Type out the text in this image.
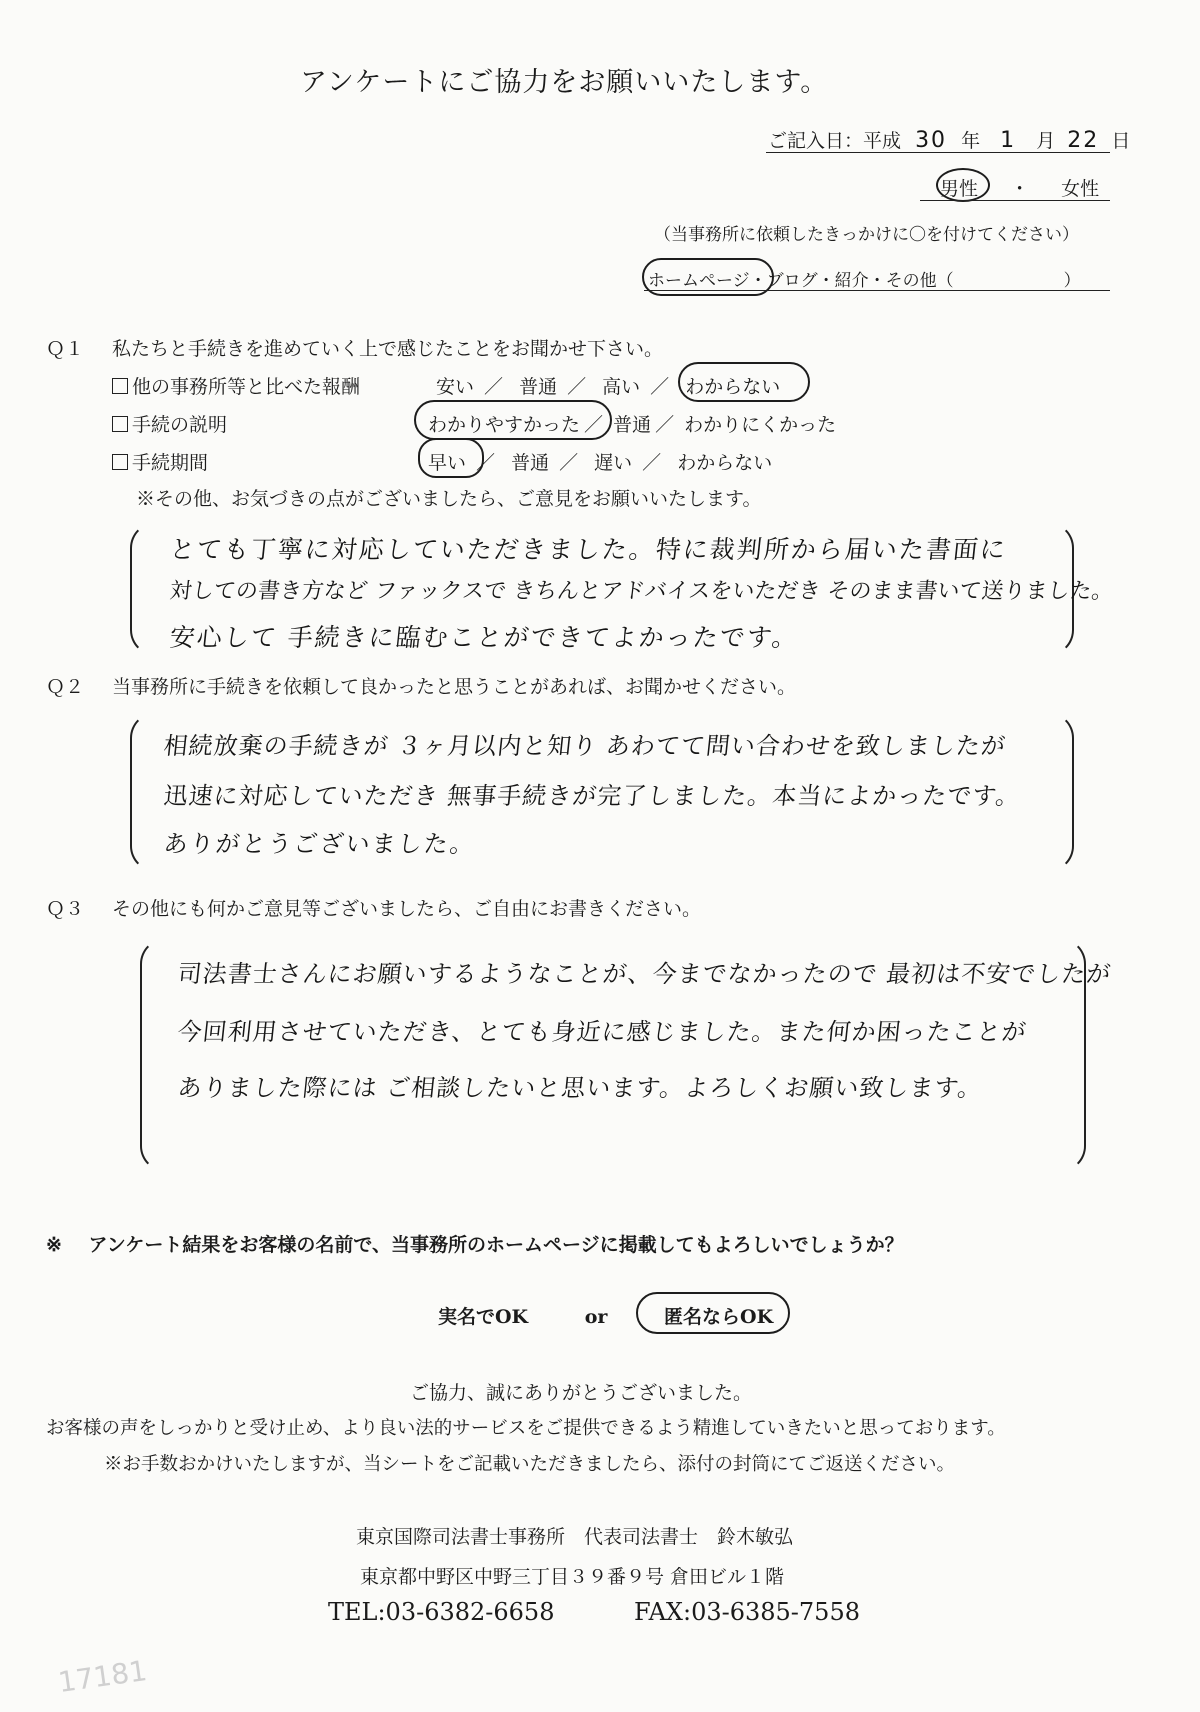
アンケートにご協力をお願いいたします。
ご記入日：平成 30 年 1 月 22 日
男性 ・ 女性
（当事務所に依頼したきっかけに〇を付けてください）
ホームページ・ブログ・紹介・その他（	）
Ｑ１ 私たちと手続きを進めていく上で感じたことをお聞かせ下さい。
他の事務所等と比べた報酬	安い ／ 普通 ／ 高い ／ わからない
手続の説明	わかりやすかった ／ 普通 ／ わかりにくかった
手続期間	早い ／ 普通 ／ 遅い ／ わからない
※その他、お気づきの点がございましたら、ご意見をお願いいたします。
とても丁寧に対応していただきました。特に裁判所から届いた書面に
対しての書き方など ファックスで きちんとアドバイスをいただき そのまま書いて送りました。
安心して 手続きに臨むことができてよかったです。
Ｑ２ 当事務所に手続きを依頼して良かったと思うことがあれば、お聞かせください。
相続放棄の手続きが ３ヶ月以内と知り あわてて問い合わせを致しましたが
迅速に対応していただき 無事手続きが完了しました。本当によかったです。
ありがとうございました。
Ｑ３ その他にも何かご意見等ございましたら、ご自由にお書きください。
司法書士さんにお願いするようなことが、今までなかったので 最初は不安でしたが
今回利用させていただき、とても身近に感じました。また何か困ったことが
ありました際には ご相談したいと思います。よろしくお願い致します。
※ アンケート結果をお客様の名前で、当事務所のホームページに掲載してもよろしいでしょうか？
実名でOK	or	匿名ならOK
ご協力、誠にありがとうございました。
お客様の声をしっかりと受け止め、より良い法的サービスをご提供できるよう精進していきたいと思っております。
※お手数おかけいたしますが、当シートをご記載いただきましたら、添付の封筒にてご返送ください。
東京国際司法書士事務所　代表司法書士　鈴木敏弘
東京都中野区中野三丁目３９番９号 倉田ビル１階
TEL:03-6382-6658	FAX:03-6385-7558
17181
